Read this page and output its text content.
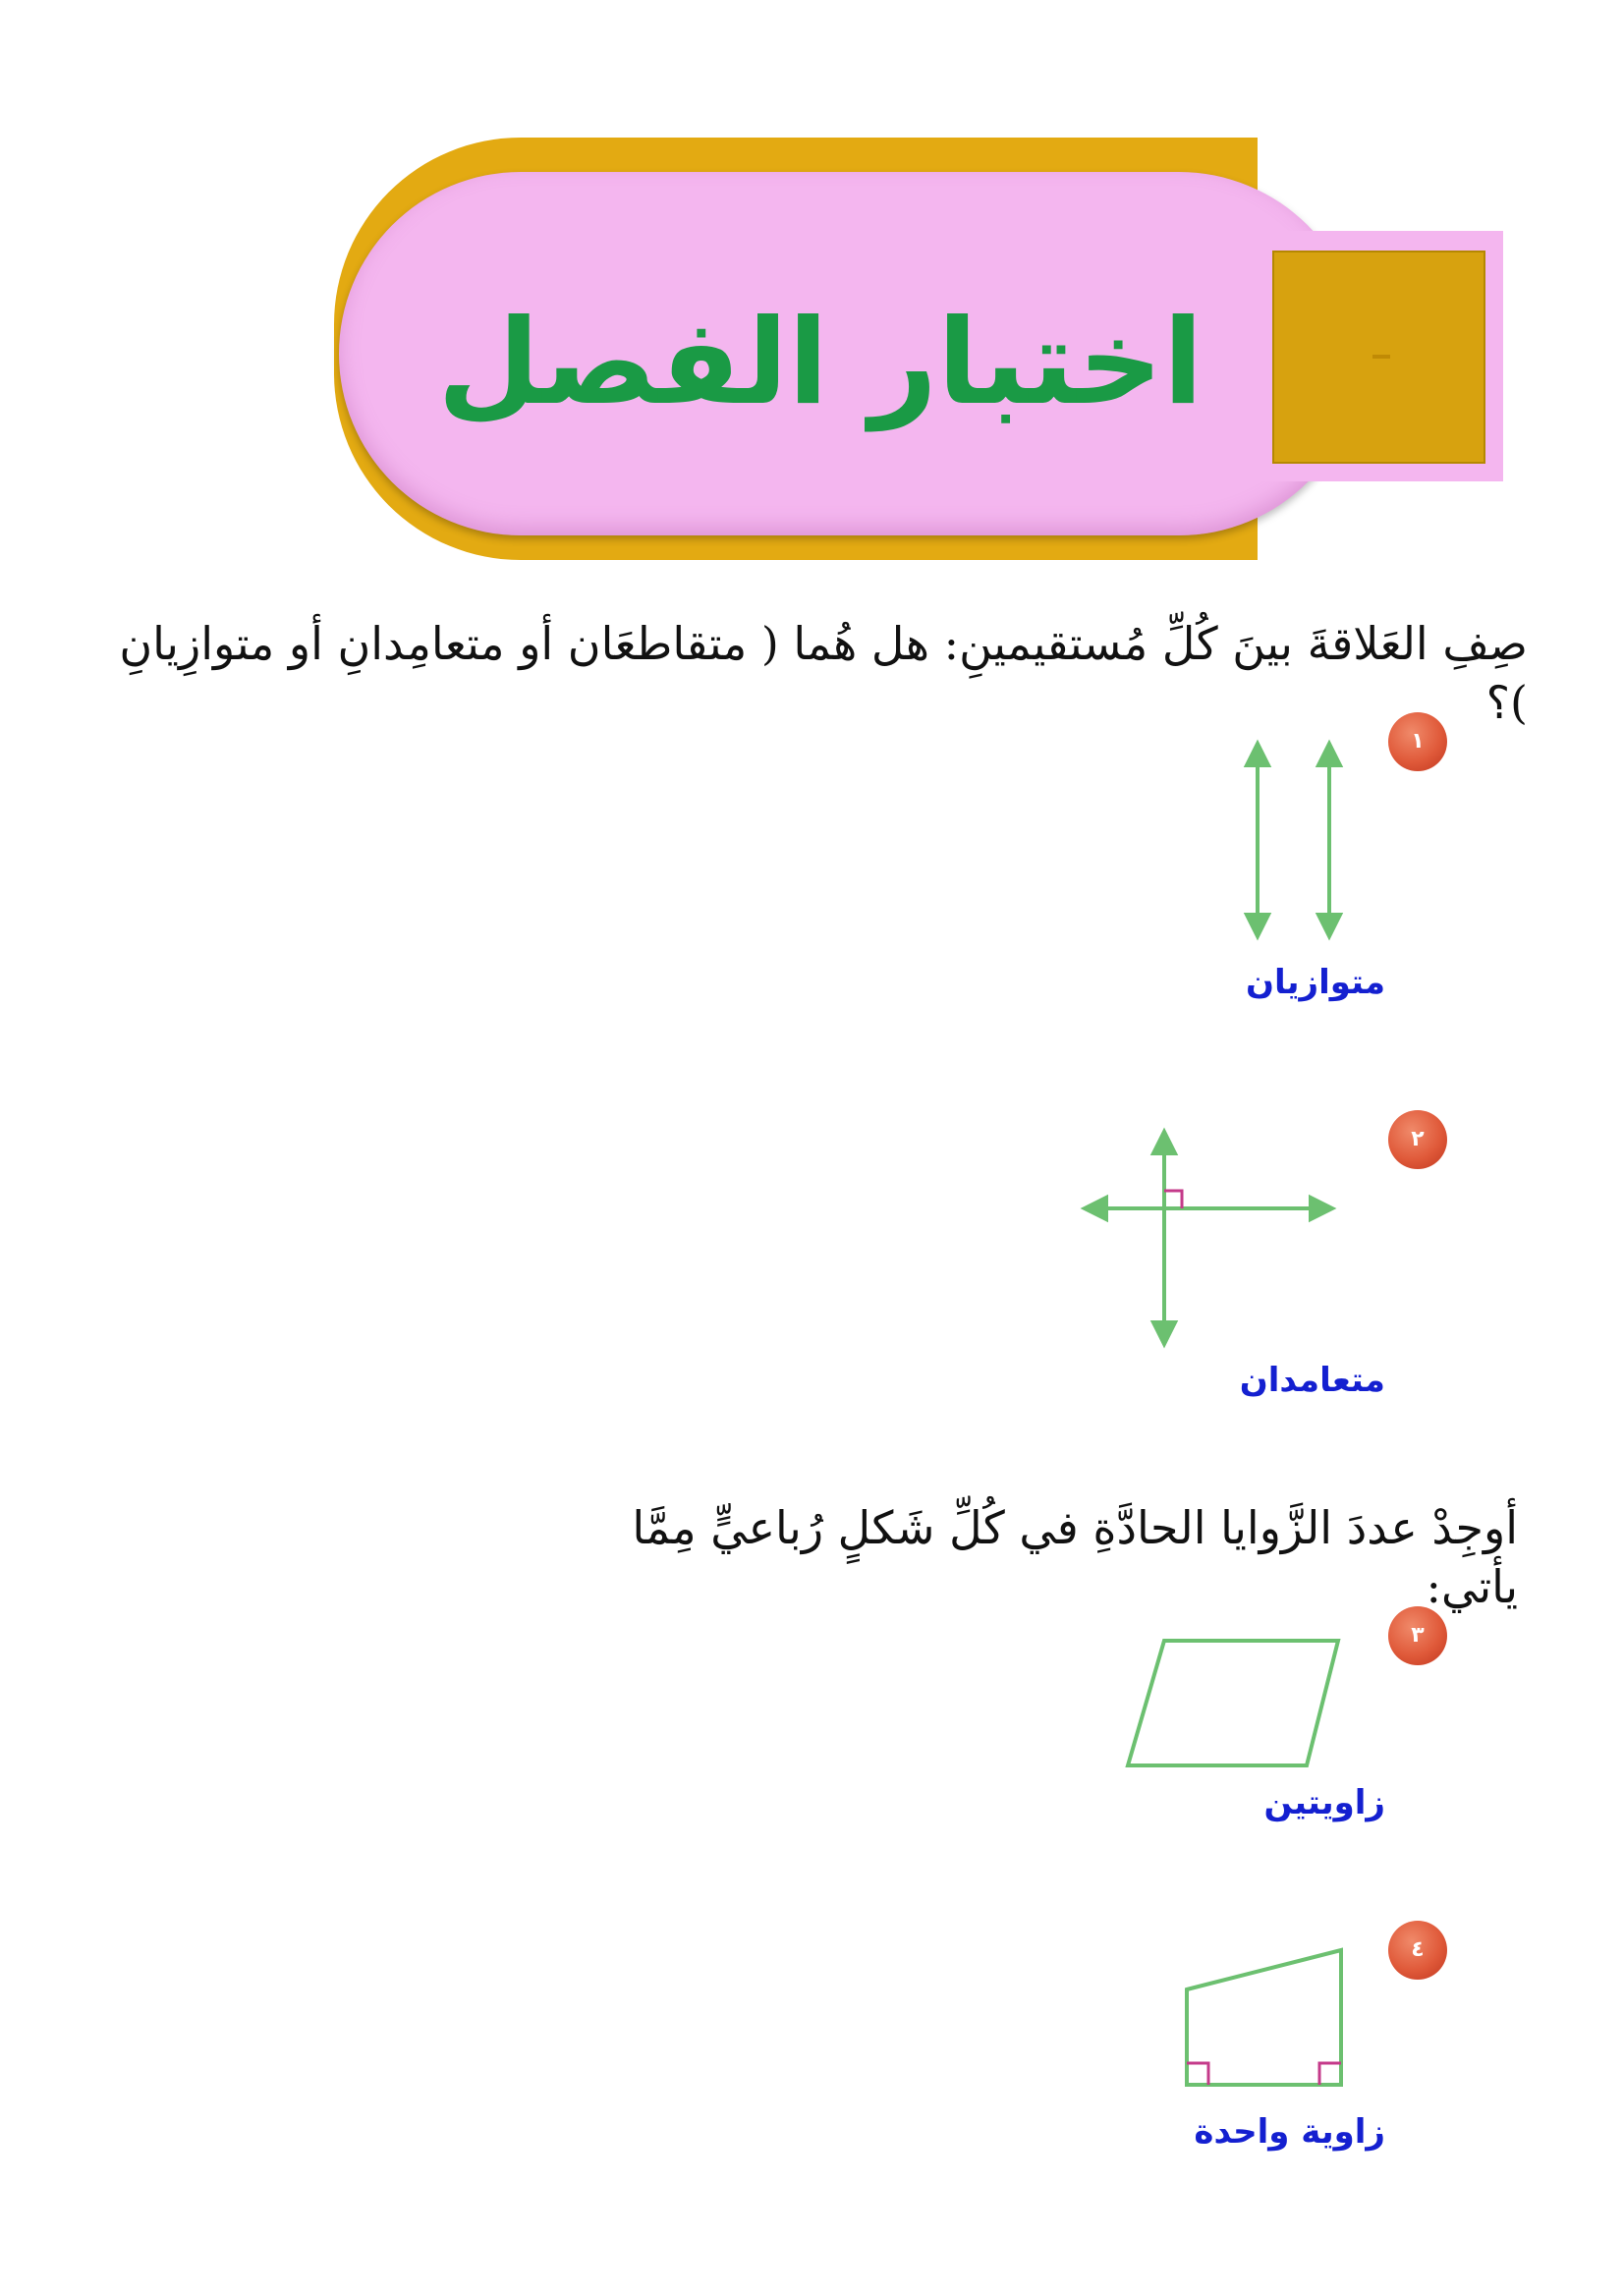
اختبار الفصل
صِفِ العَلاقةَ بينَ كُلِّ مُستقيمينِ: هل هُما ( متقاطعَان أو متعامِدانِ أو متوازِيانِ )؟
١
متوازيان
٢
متعامدان
أوجِدْ عددَ الزَّوايا الحادَّةِ في كُلِّ شَكلٍ رُباعيٍّ مِمَّا يأتي:
٣
زاويتين
٤
زاوية واحدة
